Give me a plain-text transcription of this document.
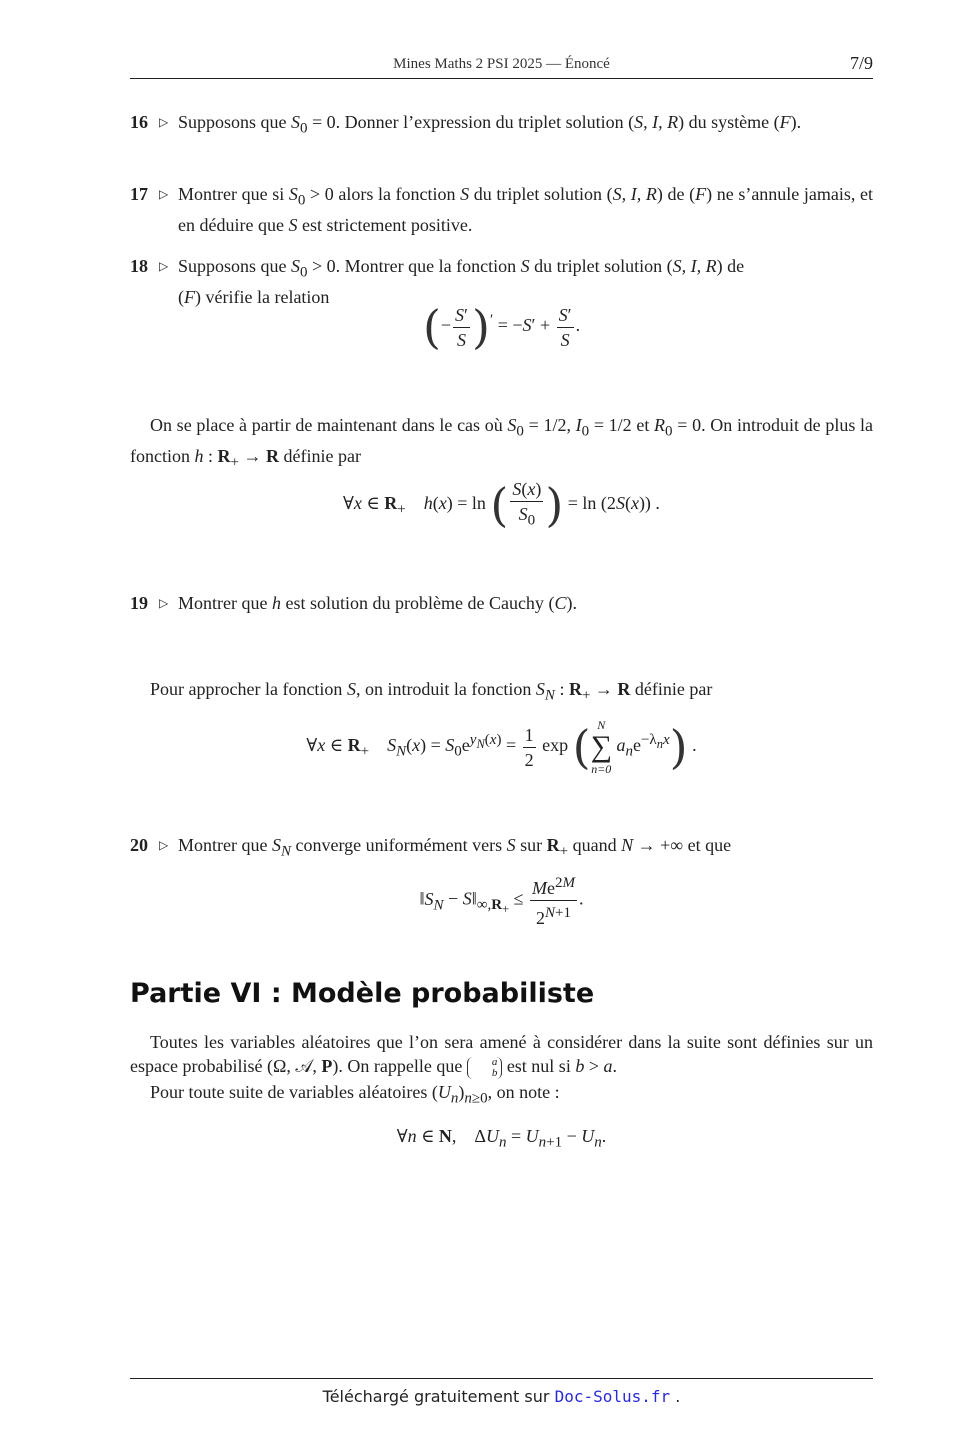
Mines Maths 2 PSI 2025 — Énoncé	7/9
16 ▷ Supposons que $S_0 = 0$. Donner l’expression du triplet solution (S, I, R) du système (F).
17 ▷ Montrer que si $S_0 > 0$ alors la fonction S du triplet solution (S, I, R) de (F) ne s’annule jamais, et en déduire que S est strictement positive.
18 ▷ Supposons que $S_0 > 0$. Montrer que la fonction S du triplet solution (S, I, R) de
(F) vérifie la relation
(− $\frac{S'}{S} )' = -S' + \frac{S'}{S}$ .
On se place à partir de maintenant dans le cas où $S_0 = 1/2$, $I_0 = 1/2$ et $R_0 = 0$. On introduit de plus la fonction h : $R_+ \to R$ définie par
∀x ∈ $R_+$ h(x) = ln ( $\frac{S(x)}{S_0}$ ) = ln (2S(x)) .
19 ▷ Montrer que h est solution du problème de Cauchy (C).
Pour approcher la fonction S, on introduit la fonction $S_N$ : $R_+ \to R$ définie par
∀x ∈ $R_+$ $S_N(x) = S_0e^{y_N(x)} = \frac{1}{2}$ exp ( N
∑
n=0
$a_ne^{-\lambda_nx}$) .
20 ▷ Montrer que $S_N$ converge uniformément vers S sur $R_+$ quand N → +∞ et que
$‖S_N$ − $S‖_{\infty,R_+} \le \frac{Me^{2M}}{2^{N+1}}$ .
Partie VI : Modèle probabiliste
Toutes les variables aléatoires que l’on sera amené à considérer dans la suite sont définies sur un espace probabilisé (Ω, 𝒜, P). On rappelle que	a
b est nul si b > a.
Pour toute suite de variables aléatoires $(U_n)_{n\ge 0}$, on note :
∀n ∈ N,    $\Delta U_n = U_{n+1} - U_n$.
Téléchargé gratuitement sur Doc-Solus.fr .
